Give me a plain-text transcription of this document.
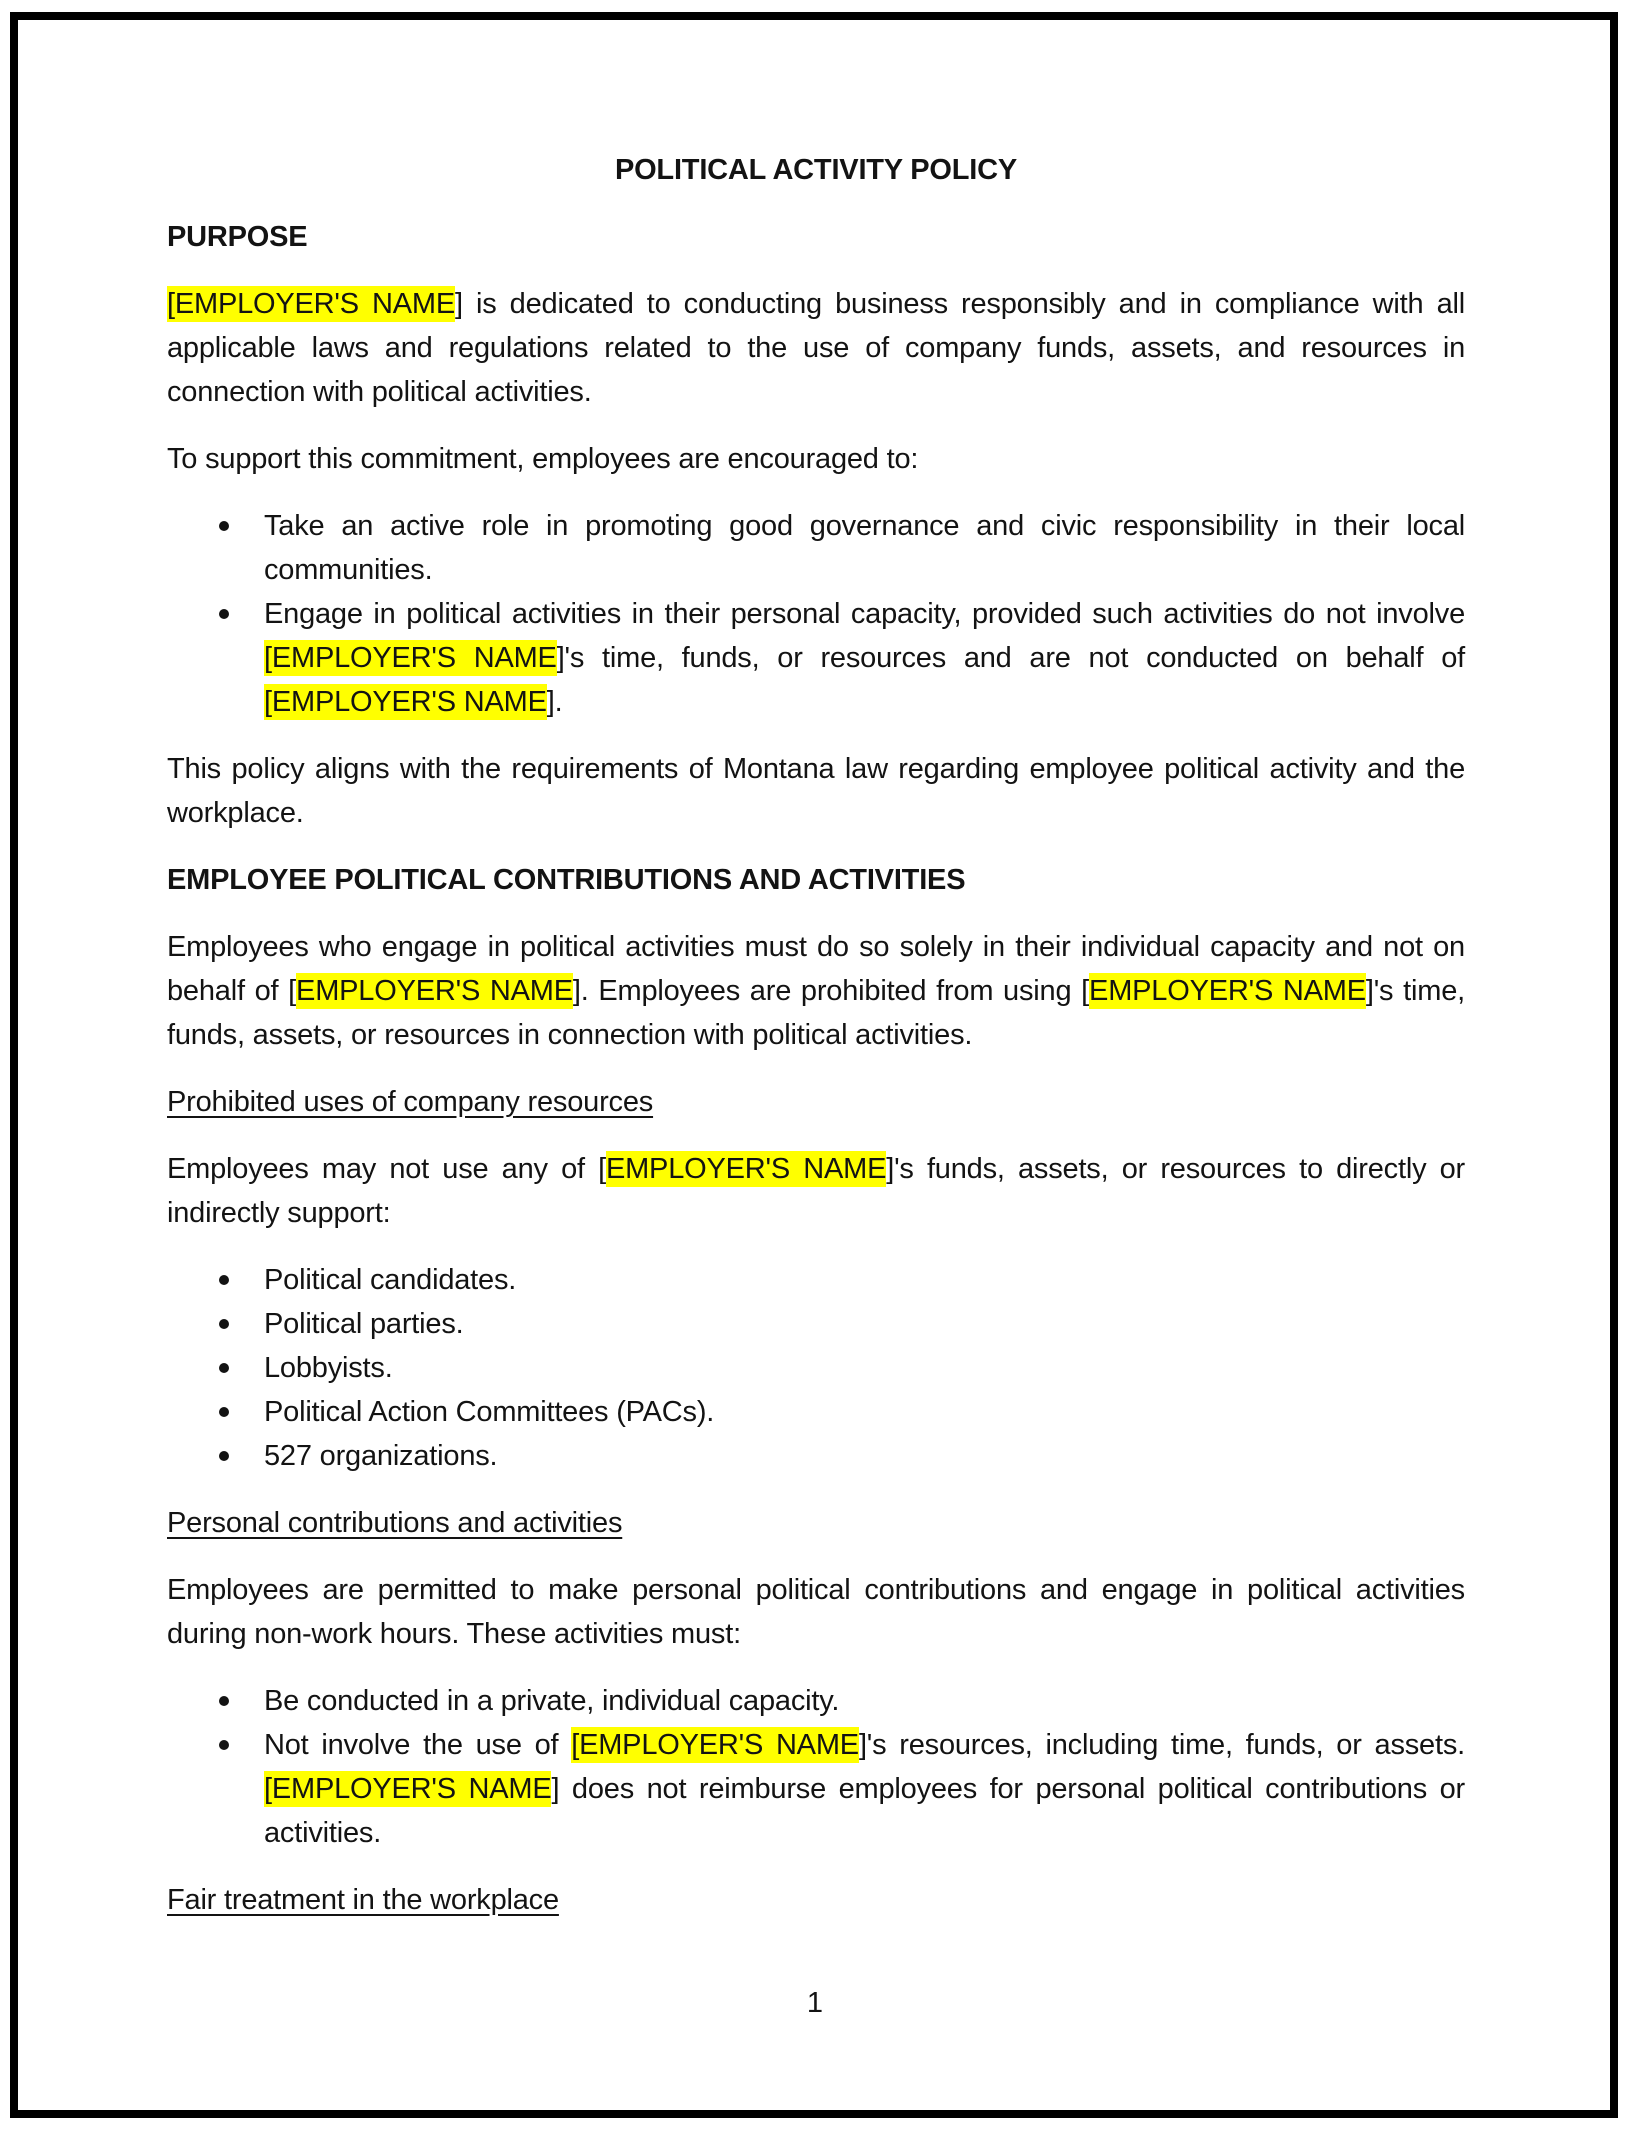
POLITICAL ACTIVITY POLICY
PURPOSE

[EMPLOYER'S NAME] is dedicated to conducting business responsibly and in compliance with all applicable laws and regulations related to the use of company funds, assets, and resources in connection with political activities.

To support this commitment, employees are encouraged to:

Take an active role in promoting good governance and civic responsibility in their local communities.
Engage in political activities in their personal capacity, provided such activities do not involve [EMPLOYER'S NAME]'s time, funds, or resources and are not conducted on behalf of [EMPLOYER'S NAME].

This policy aligns with the requirements of Montana law regarding employee political activity and the workplace.

EMPLOYEE POLITICAL CONTRIBUTIONS AND ACTIVITIES

Employees who engage in political activities must do so solely in their individual capacity and not on behalf of [EMPLOYER'S NAME]. Employees are prohibited from using [EMPLOYER'S NAME]'s time, funds, assets, or resources in connection with political activities.

Prohibited uses of company resources

Employees may not use any of [EMPLOYER'S NAME]'s funds, assets, or resources to directly or indirectly support:

Political candidates.
Political parties.
Lobbyists.
Political Action Committees (PACs).
527 organizations.
Personal contributions and activities

Employees are permitted to make personal political contributions and engage in political activities during non-work hours. These activities must:

Be conducted in a private, individual capacity.
Not involve the use of [EMPLOYER'S NAME]'s resources, including time, funds, or assets. [EMPLOYER'S NAME] does not reimburse employees for personal political contributions or activities.
Fair treatment in the workplace
1
